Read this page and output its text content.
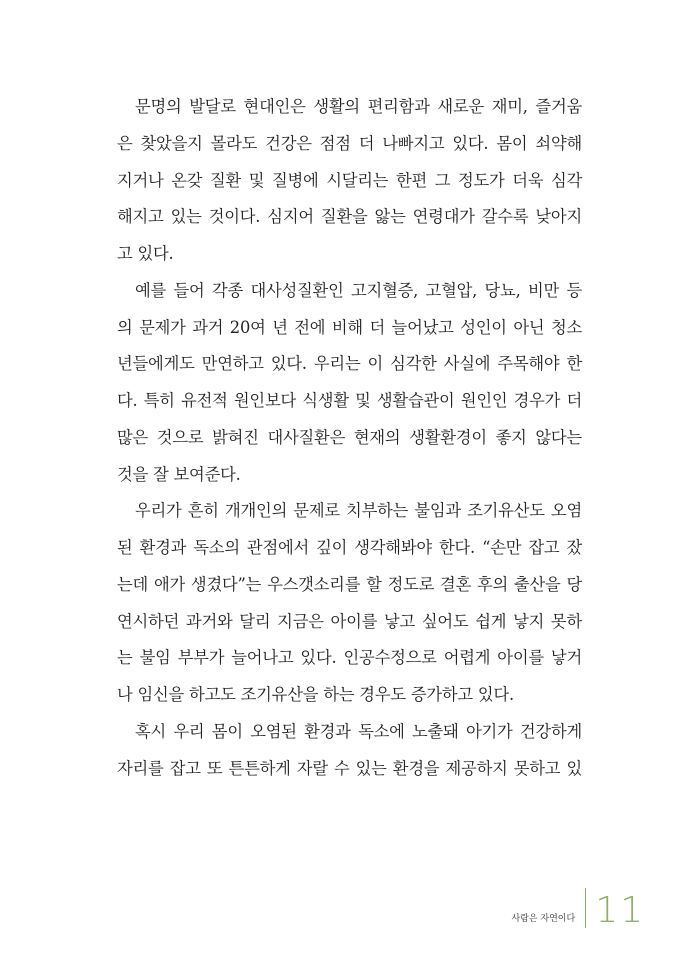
문명의 발달로 현대인은 생활의 편리함과 새로운 재미, 즐거움
은 찾았을지 몰라도 건강은 점점 더 나빠지고 있다. 몸이 쇠약해
지거나 온갖 질환 및 질병에 시달리는 한편 그 정도가 더욱 심각
해지고 있는 것이다. 심지어 질환을 앓는 연령대가 갈수록 낮아지
고 있다.
예를 들어 각종 대사성질환인 고지혈증, 고혈압, 당뇨, 비만 등
의 문제가 과거 20여 년 전에 비해 더 늘어났고 성인이 아닌 청소
년들에게도 만연하고 있다. 우리는 이 심각한 사실에 주목해야 한
다. 특히 유전적 원인보다 식생활 및 생활습관이 원인인 경우가 더
많은 것으로 밝혀진 대사질환은 현재의 생활환경이 좋지 않다는
것을 잘 보여준다.
우리가 흔히 개개인의 문제로 치부하는 불임과 조기유산도 오염
된 환경과 독소의 관점에서 깊이 생각해봐야 한다. “손만 잡고 잤
는데 애가 생겼다”는 우스갯소리를 할 정도로 결혼 후의 출산을 당
연시하던 과거와 달리 지금은 아이를 낳고 싶어도 쉽게 낳지 못하
는 불임 부부가 늘어나고 있다. 인공수정으로 어렵게 아이를 낳거
나 임신을 하고도 조기유산을 하는 경우도 증가하고 있다.
혹시 우리 몸이 오염된 환경과 독소에 노출돼 아기가 건강하게
자리를 잡고 또 튼튼하게 자랄 수 있는 환경을 제공하지 못하고 있
사람은 자연이다 11
